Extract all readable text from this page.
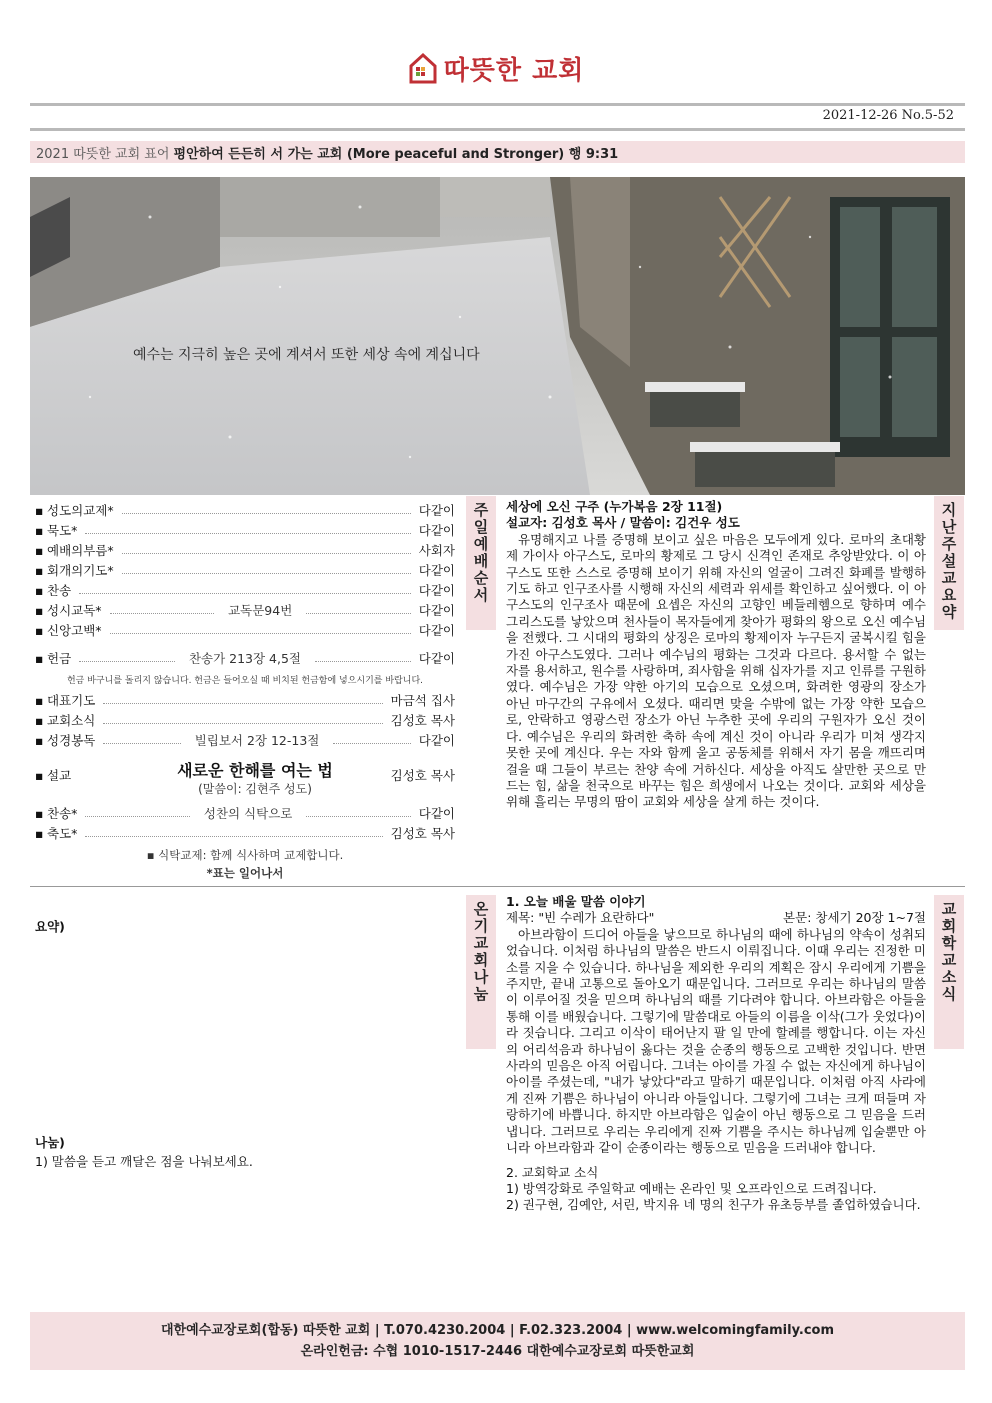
따뜻한 교회
2021-12-26 No.5-52
2021 따뜻한 교회 표어 평안하여 든든히 서 가는 교회 (More peaceful and Stronger) 행 9:31
예수는 지극히 높은 곳에 계셔서 또한 세상 속에 계십니다
▪ 성도의교제*	다같이
▪ 묵도*	다같이
▪ 예배의부름*	사회자
▪ 회개의기도*	다같이
▪ 찬송	다같이
▪ 성시교독*	교독문94번	다같이
▪ 신앙고백*	다같이
▪ 헌금	찬송가 213장 4,5절	다같이
헌금 바구니를 돌리지 않습니다. 헌금은 들어오실 때 비치된 헌금함에 넣으시기를 바랍니다.
▪ 대표기도	마금석 집사
▪ 교회소식	김성호 목사
▪ 성경봉독	빌립보서 2장 12-13절	다같이
▪ 설교	김성호 목사
새로운 한해를 여는 법
(말씀이: 김현주 성도)
▪ 찬송*	성찬의 식탁으로	다같이
▪ 축도*	김성호 목사
▪ 식탁교제: 함께 식사하며 교제합니다.
*표는 일어나서
주
일
예
배
순
서
지
난
주
설
교
요
약
세상에 오신 구주 (누가복음 2장 11절)
설교자: 김성호 목사 / 말씀이: 김건우 성도

유명해지고 나를 증명해 보이고 싶은 마음은 모두에게 있다. 로마의 초대황제 가이사 아구스도, 로마의 황제로 그 당시 신격인 존재로 추앙받았다. 이 아구스도 또한 스스로 증명해 보이기 위해 자신의 얼굴이 그려진 화폐를 발행하기도 하고 인구조사를 시행해 자신의 세력과 위세를 확인하고 싶어했다. 이 아구스도의 인구조사 때문에 요셉은 자신의 고향인 베들레헴으로 향하며 예수 그리스도를 낳았으며 천사들이 목자들에게 찾아가 평화의 왕으로 오신 예수님을 전했다. 그 시대의 평화의 상징은 로마의 황제이자 누구든지 굴복시킬 힘을 가진 아구스도였다. 그러나 예수님의 평화는 그것과 다르다. 용서할 수 없는 자를 용서하고, 원수를 사랑하며, 죄사함을 위해 십자가를 지고 인류를 구원하였다. 예수님은 가장 약한 아기의 모습으로 오셨으며, 화려한 영광의 장소가 아닌 마구간의 구유에서 오셨다. 때리면 맞을 수밖에 없는 가장 약한 모습으로, 안락하고 영광스런 장소가 아닌 누추한 곳에 우리의 구원자가 오신 것이다. 예수님은 우리의 화려한 축하 속에 계신 것이 아니라 우리가 미쳐 생각지 못한 곳에 계신다. 우는 자와 함께 울고 공동체를 위해서 자기 몸을 깨뜨리며 걸을 때 그들이 부르는 찬양 속에 거하신다. 세상을 아직도 살만한 곳으로 만드는 힘, 삶을 천국으로 바꾸는 힘은 희생에서 나오는 것이다. 교회와 세상을 위해 흘리는 무명의 땀이 교회와 세상을 살게 하는 것이다.

온
기
교
회
나
눔
요약)
나눔)
1) 말씀을 듣고 깨달은 점을 나눠보세요.
교
회
학
교
소
식
1. 오늘 배울 말씀 이야기
제목: "빈 수레가 요란하다"	본문: 창세기 20장 1~7절

아브라함이 드디어 아들을 낳으므로 하나님의 때에 하나님의 약속이 성취되었습니다. 이처럼 하나님의 말씀은 반드시 이뤄집니다. 이때 우리는 진정한 미소를 지을 수 있습니다. 하나님을 제외한 우리의 계획은 잠시 우리에게 기쁨을 주지만, 끝내 고통으로 돌아오기 때문입니다. 그러므로 우리는 하나님의 말씀이 이루어질 것을 믿으며 하나님의 때를 기다려야 합니다. 아브라함은 아들을 통해 이를 배웠습니다. 그렇기에 말씀대로 아들의 이름을 이삭(그가 웃었다)이라 짓습니다. 그리고 이삭이 태어난지 팔 일 만에 할례를 행합니다. 이는 자신의 어리석음과 하나님이 옳다는 것을 순종의 행동으로 고백한 것입니다. 반면 사라의 믿음은 아직 어립니다. 그녀는 아이를 가질 수 없는 자신에게 하나님이 아이를 주셨는데, "내가 낳았다"라고 말하기 때문입니다. 이처럼 아직 사라에게 진짜 기쁨은 하나님이 아니라 아들입니다. 그렇기에 그녀는 크게 떠들며 자랑하기에 바쁩니다. 하지만 아브라함은 입술이 아닌 행동으로 그 믿음을 드러냅니다. 그러므로 우리는 우리에게 진짜 기쁨을 주시는 하나님께 입술뿐만 아니라 아브라함과 같이 순종이라는 행동으로 믿음을 드러내야 합니다.

2. 교회학교 소식
1) 방역강화로 주일학교 예배는 온라인 및 오프라인으로 드려집니다.
2) 권구현, 김예안, 서린, 박지유 네 명의 친구가 유초등부를 졸업하였습니다.
대한예수교장로회(합동) 따뜻한 교회 | T.070.4230.2004 | F.02.323.2004 | www.welcomingfamily.com
온라인헌금: 수협 1010-1517-2446 대한예수교장로회 따뜻한교회
